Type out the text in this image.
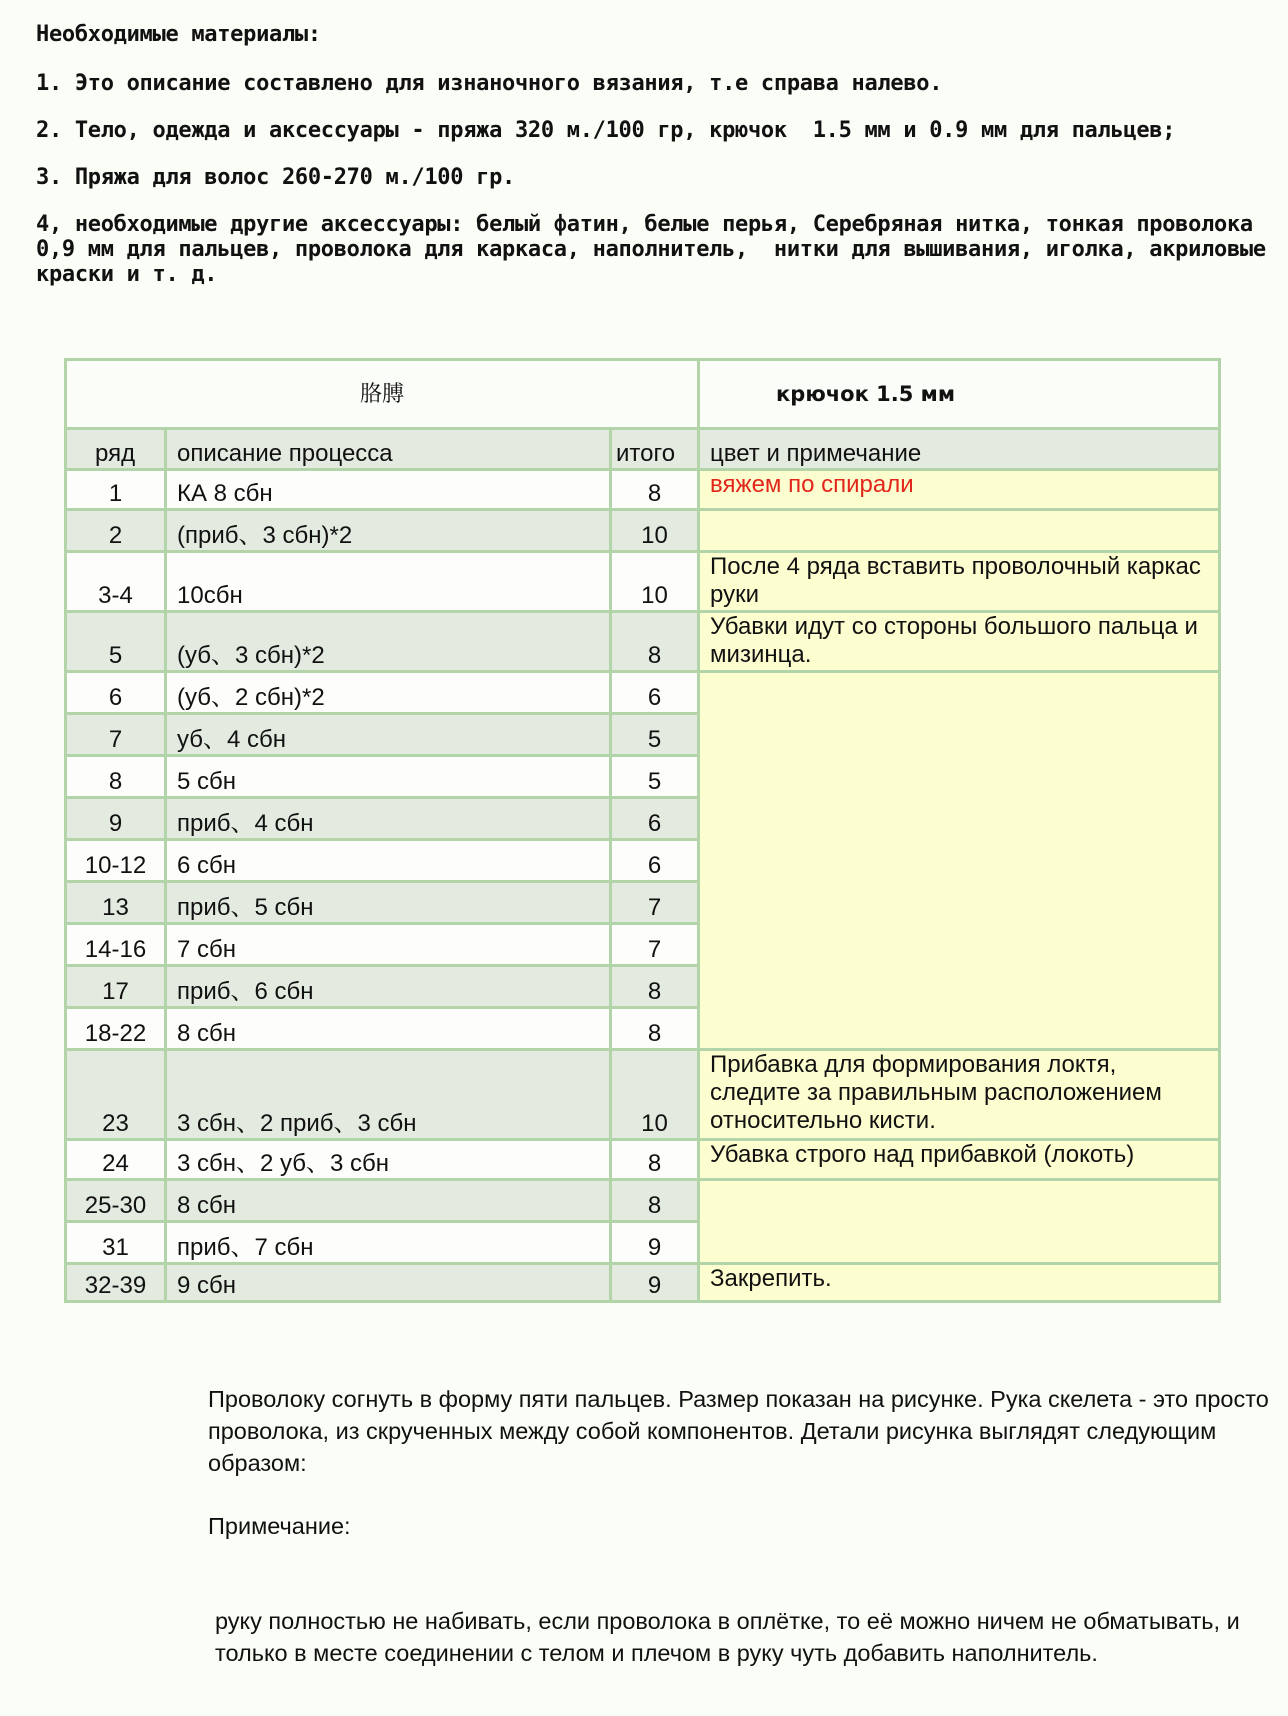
Необходимые материалы:
1. Это описание составлено для изнаночного вязания, т.е справа налево.
2. Тело, одежда и аксессуары - пряжа 320 м./100 гр, крючок  1.5 мм и 0.9 мм для пальцев;
3. Пряжа для волос 260-270 м./100 гр.
4, необходимые другие аксессуары: белый фатин, белые перья, Серебряная нитка, тонкая проволока 0,9 мм для пальцев, проволока для каркаса, наполнитель,  нитки для вышивания, иголка, акриловые краски и т. д.
胳膊			крючок 1.5 мм
ряд	описание процесса	итого	цвет и примечание
1	КА 8 сбн	8	вяжем по спирали
2	(приб、3 сбн)*2	10	
3-4	10сбн	10	После 4 ряда вставить проволочный каркас руки
5	(уб、3 сбн)*2	8	Убавки идут со стороны большого пальца и мизинца.
6	(уб、2 сбн)*2	6	
7	уб、4 сбн	5	
8	5 сбн	5	
9	приб、4 сбн	6	
10-12	6 сбн	6	
13	приб、5 сбн	7	
14-16	7 сбн	7	
17	приб、6 сбн	8	
18-22	8 сбн	8	
23	3 сбн、2 приб、3 сбн	10	Прибавка для формирования локтя, следите за правильным расположением относительно кисти.
24	3 сбн、2 уб、3 сбн	8	Убавка строго над прибавкой (локоть)
25-30	8 сбн	8	
31	приб、7 сбн	9	
32-39	9 сбн	9	Закрепить.
Проволоку согнуть в форму пяти пальцев. Размер показан на рисунке. Рука скелета - это просто проволока, из скрученных между собой компонентов. Детали рисунка выглядят следующим образом:
Примечание:
руку полностью не набивать, если проволока в оплётке, то её можно ничем не обматывать, и только в месте соединении с телом и плечом в руку чуть добавить наполнитель.
